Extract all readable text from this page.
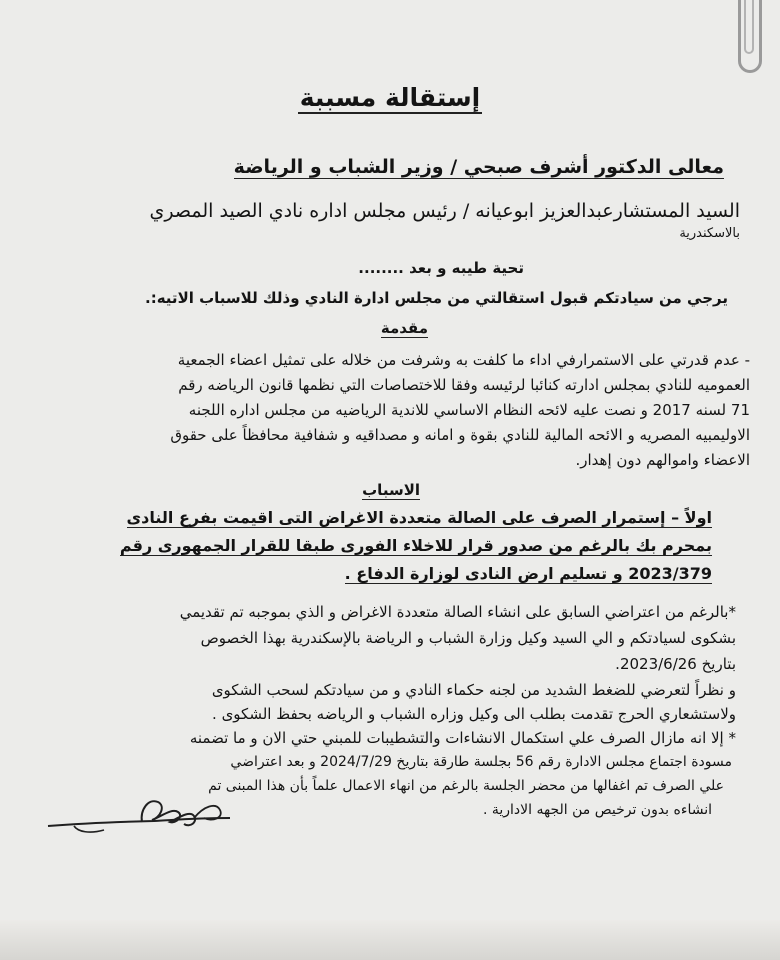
إستقالة مسببة
معالى الدكتور أشرف صبحي / وزير الشباب و الرياضة
السيد المستشارعبدالعزيز ابوعيانه / رئيس مجلس اداره نادي الصيد المصري
بالاسكندرية
تحية طيبه و بعد ........
يرجي من سيادتكم قبول استقالتي من مجلس ادارة النادي وذلك للاسباب الاتيه:.
مقدمة
- عدم قدرتي على الاستمرارفي اداء ما كلفت به وشرفت من خلاله على تمثيل اعضاء الجمعية
العموميه للنادي بمجلس ادارته كنائبا لرئيسه وفقا للاختصاصات التي نظمها قانون الرياضه رقم
71 لسنه 2017 و نصت عليه لائحه النظام الاساسي للاندية الرياضيه من مجلس اداره اللجنه
الاوليمبيه المصريه و الائحه المالية للنادي بقوة و امانه و مصداقيه و شفافية محافظاً على حقوق
الاعضاء واموالهم دون إهدار.
الاسباب
اولاً – إستمرار الصرف على الصالة متعددة الاغراض التى اقيمت بفرع النادى
بمحرم بك بالرغم من صدور قرار للاخلاء الفورى طبقا للقرار الجمهورى رقم
2023/379 و تسليم ارض النادى لوزارة الدفاع .
*بالرغم من اعتراضي السابق على انشاء الصالة متعددة الاغراض و الذي بموجبه تم تقديمي
بشكوى لسيادتكم و الي السيد وكيل وزارة الشباب و الرياضة بالإسكندرية بهذا الخصوص
بتاريخ 2023/6/26.
و نظراً لتعرضي للضغط الشديد من لجنه حكماء النادي و من سيادتكم لسحب الشكوى
ولاستشعاري الحرج تقدمت بطلب الى وكيل وزاره الشباب و الرياضه بحفظ الشكوى .
* إلا انه مازال الصرف علي استكمال الانشاءات والتشطيبات للمبني حتي الان و ما تضمنه
مسودة اجتماع مجلس الادارة رقم 56 بجلسة طارقة بتاريخ 2024/7/29 و بعد اعتراضي
علي الصرف تم اغفالها من محضر الجلسة بالرغم من انهاء الاعمال علماً بأن هذا المبنى تم
انشاءه بدون ترخيص من الجهه الادارية .
